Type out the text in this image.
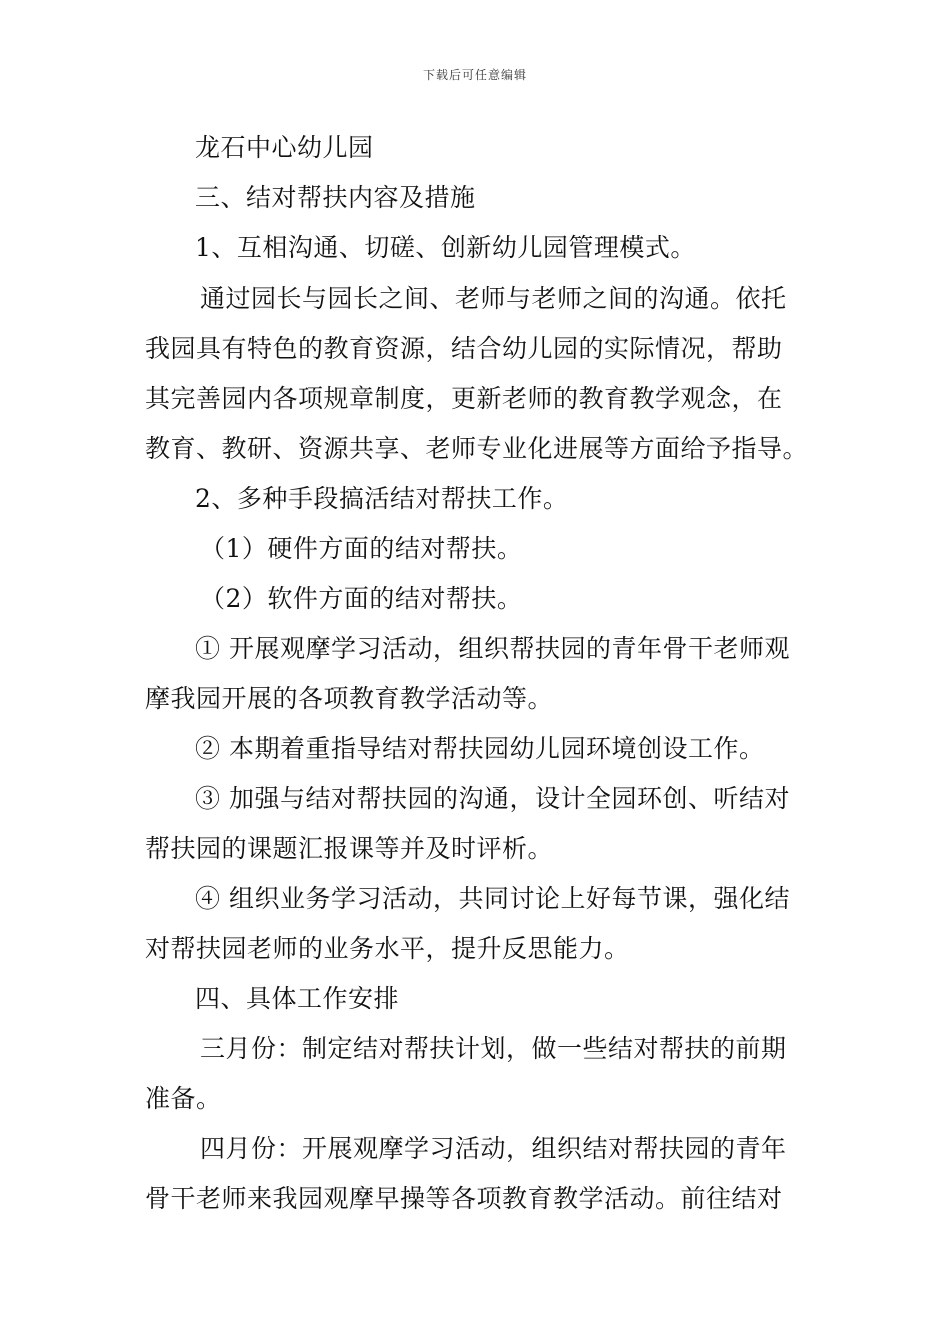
下载后可任意编辑
龙石中心幼儿园
三、结对帮扶内容及措施
1、互相沟通、切磋、创新幼儿园管理模式。
通过园长与园长之间、老师与老师之间的沟通。依托
我园具有特色的教育资源，结合幼儿园的实际情况，帮助
其完善园内各项规章制度，更新老师的教育教学观念，在
教育、教研、资源共享、老师专业化进展等方面给予指导。
2、多种手段搞活结对帮扶工作。
（1）硬件方面的结对帮扶。
（2）软件方面的结对帮扶。
① 开展观摩学习活动，组织帮扶园的青年骨干老师观
摩我园开展的各项教育教学活动等。
② 本期着重指导结对帮扶园幼儿园环境创设工作。
③ 加强与结对帮扶园的沟通，设计全园环创、听结对
帮扶园的课题汇报课等并及时评析。
④ 组织业务学习活动，共同讨论上好每节课，强化结
对帮扶园老师的业务水平，提升反思能力。
四、具体工作安排
三月份：制定结对帮扶计划，做一些结对帮扶的前期
准备。
四月份：开展观摩学习活动，组织结对帮扶园的青年
骨干老师来我园观摩早操等各项教育教学活动。前往结对
